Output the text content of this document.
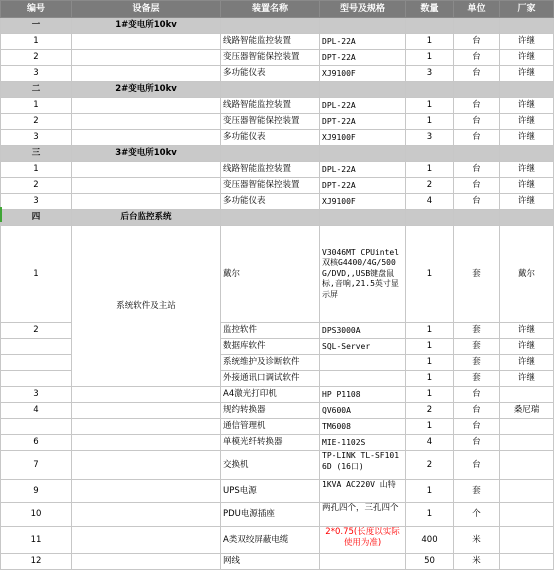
编号	设备层	装置名称	型号及规格	数量	单位	厂家
一	1#变电所10kv					
1		线路智能监控装置	DPL-22A	1	台	许继
2		变压器智能保控装置	DPT-22A	1	台	许继
3		多功能仪表	XJ9100F	3	台	许继
二	2#变电所10kv					
1		线路智能监控装置	DPL-22A	1	台	许继
2		变压器智能保控装置	DPT-22A	1	台	许继
3		多功能仪表	XJ9100F	3	台	许继
三	3#变电所10kv					
1		线路智能监控装置	DPL-22A	1	台	许继
2		变压器智能保控装置	DPT-22A	2	台	许继
3		多功能仪表	XJ9100F	4	台	许继
四	后台监控系统					
1	系统软件及主站	戴尔	V3046MT CPUintel双核G4400/4G/500G/DVD,,USB键盘鼠标,音响,21.5英寸显示屏	1	套	戴尔
2		监控软件	DPS3000A	1	套	许继
		数据库软件	SQL-Server	1	套	许继
		系统维护及诊断软件		1	套	许继
		外接通讯口调试软件		1	套	许继
3		A4激光打印机	HP P1108	1	台	
4		规约转换器	QV600A	2	台	桑尼瑞
		通信管理机	TM6008	1	台	
6		单模光纤转换器	MIE-1102S	4	台	
7		交换机	TP-LINK TL-SF1016D (16口)	2	台	
9		UPS电源	1KVA AC220V 山特	1	套	
10		PDU电源插座	两孔四个，三孔四个	1	个	
11		A类双绞屏蔽电缆	2*0.75(长度以实际使用为准)	400	米	
12		网线		50	米	
